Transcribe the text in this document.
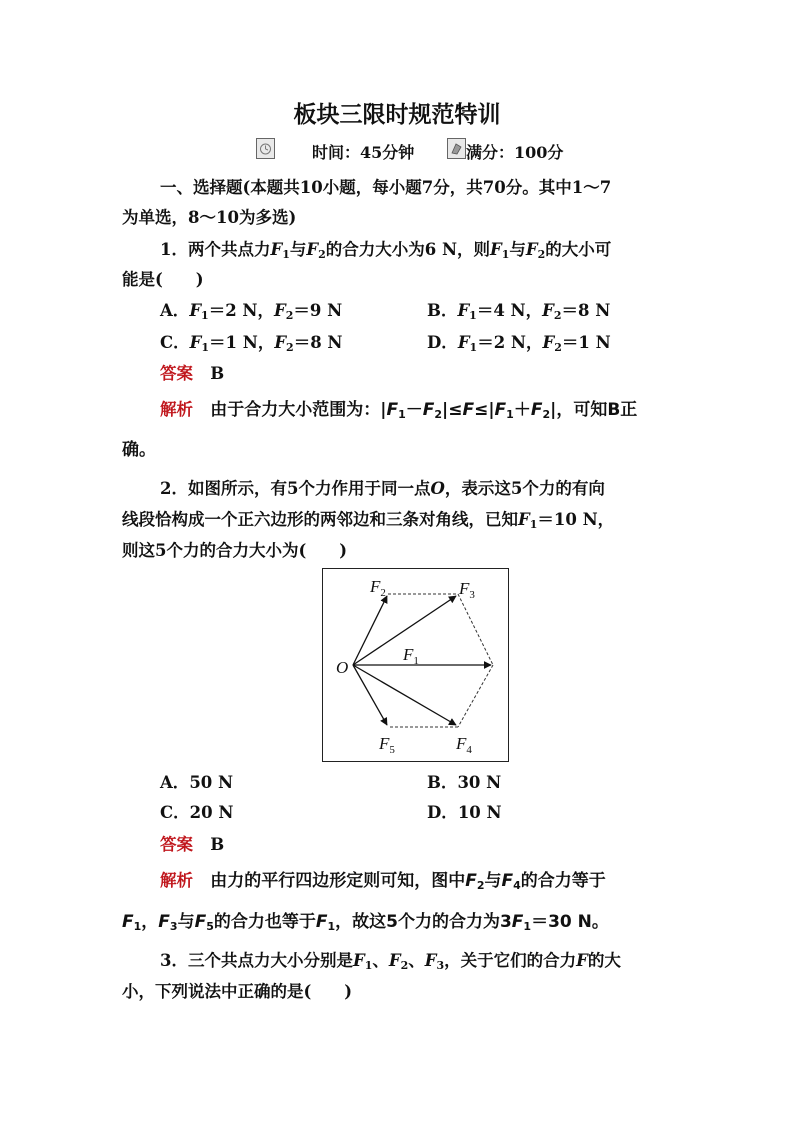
板块三限时规范特训
时间：45分钟	满分：100分
一、选择题(本题共10小题，每小题7分，共70分。其中1～7
为单选，8～10为多选)
1．两个共点力$F_1$与$F_2$的合力大小为6 N，则$F_1$与$F_2$的大小可
能是(　　)
A．$F_1=2$ N，$F_2=9$ N	B．$F_1=4$ N，$F_2=8$ N
C．$F_1=1$ N，$F_2=8$ N	D．$F_1=2$ N，$F_2=1$ N
答案 B
解析 由于合力大小范围为：$|F_1-F_2|\le F\le|F_1+F_2|$，可知B正
确。
2．如图所示，有5个力作用于同一点O，表示这5个力的有向
线段恰构成一个正六边形的两邻边和三条对角线，已知$F_1=10$ N，
则这5个力的合力大小为(　　)
O
$F_2$	$F_3$
$F_1$
$F_5$	$F_4$
A．50 N	B．30 N
C．20 N	D．10 N
答案 B
解析 由力的平行四边形定则可知，图中$F_2$与$F_4$的合力等于
$F_1$，$F_3$与$F_5$的合力也等于$F_1$，故这5个力的合力为$3F_1=30$ N。
3．三个共点力大小分别是$F_1$、$F_2$、$F_3$，关于它们的合力F的大
小，下列说法中正确的是(　　)
